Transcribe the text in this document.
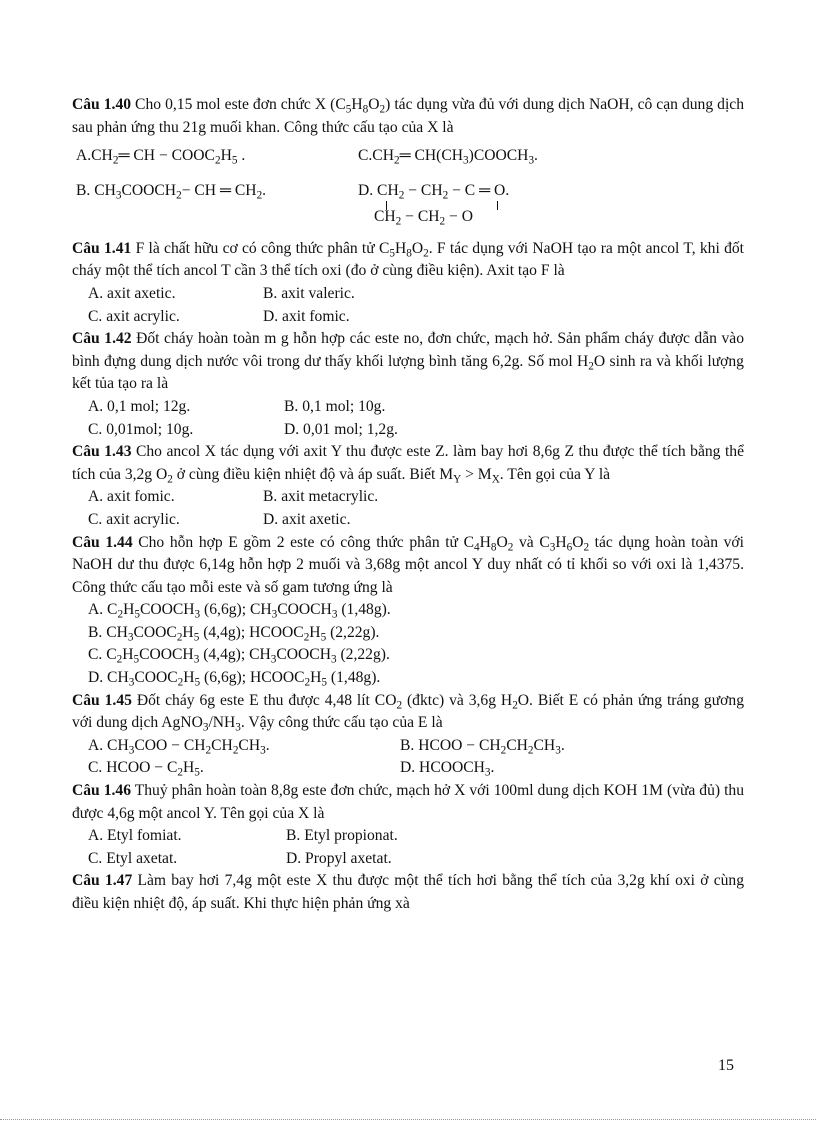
Câu 1.40 Cho 0,15 mol este đơn chức X $(C_5H_8O_2)$ tác dụng vừa đủ với dung dịch NaOH, cô cạn dung dịch sau phản ứng thu 21g muối khan. Công thức cấu tạo của X là

$A.CH_2═$ CH − $COOC_2H_5$ .	$C.CH_2═$ $CH(CH_3)COOCH_3$.
B. $CH_3COOCH_2-$ CH ═ $CH_2$.	D. $CH_2 - CH_2 - C$ ═ O.
$CH_2 - CH_2 - O$

Câu 1.41 F là chất hữu cơ có công thức phân tử $C_5H_8O_2$. F tác dụng với NaOH tạo ra một ancol T, khi đốt cháy một thể tích ancol T cần 3 thể tích oxi (đo ở cùng điều kiện). Axit tạo F là

A. axit axetic.	B. axit valeric.
C. axit acrylic.	D. axit fomic.

Câu 1.42 Đốt cháy hoàn toàn m g hỗn hợp các este no, đơn chức, mạch hở. Sản phẩm cháy được dẫn vào bình đựng dung dịch nước vôi trong dư thấy khối lượng bình tăng 6,2g. Số mol $H_2O$ sinh ra và khối lượng kết tủa tạo ra là

A. 0,1 mol; 12g.	B. 0,1 mol; 10g.
C. 0,01mol; 10g.	D. 0,01 mol; 1,2g.

Câu 1.43 Cho ancol X tác dụng với axit Y thu được este Z. làm bay hơi 8,6g Z thu được thể tích bằng thể tích của 3,2g $O_2$ ở cùng điều kiện nhiệt độ và áp suất. Biết $M_Y > M_X$. Tên gọi của Y là

A. axit fomic.	B. axit metacrylic.
C. axit acrylic.	D. axit axetic.

Câu 1.44 Cho hỗn hợp E gồm 2 este có công thức phân tử $C_4H_8O_2$ và $C_3H_6O_2$ tác dụng hoàn toàn với NaOH dư thu được 6,14g hỗn hợp 2 muối và 3,68g một ancol Y duy nhất có tỉ khối so với oxi là 1,4375. Công thức cấu tạo mỗi este và số gam tương ứng là

A. $C_2H_5COOCH_3$ (6,6g); $CH_3COOCH_3$ (1,48g).
B. $CH_3COOC_2H_5$ (4,4g); $HCOOC_2H_5$ (2,22g).
C. $C_2H_5COOCH_3$ (4,4g); $CH_3COOCH_3$ (2,22g).
D. $CH_3COOC_2H_5$ (6,6g); $HCOOC_2H_5$ (1,48g).

Câu 1.45 Đốt cháy 6g este E thu được 4,48 lít $CO_2$ (đktc) và 3,6g $H_2O$. Biết E có phản ứng tráng gương với dung dịch $AgNO_3/NH_3$. Vậy công thức cấu tạo của E là

A. $CH_3COO - CH_2CH_2CH_3$.	B. HCOO − $CH_2CH_2CH_3$.
C. HCOO − $C_2H_5$.	D. $HCOOCH_3$.

Câu 1.46 Thuỷ phân hoàn toàn 8,8g este đơn chức, mạch hở X với 100ml dung dịch KOH 1M (vừa đủ) thu được 4,6g một ancol Y. Tên gọi của X là

A. Etyl fomiat.	B. Etyl propionat.
C. Etyl axetat.	D. Propyl axetat.

Câu 1.47 Làm bay hơi 7,4g một este X thu được một thể tích hơi bằng thể tích của 3,2g khí oxi ở cùng điều kiện nhiệt độ, áp suất. Khi thực hiện phản ứng xà

15
